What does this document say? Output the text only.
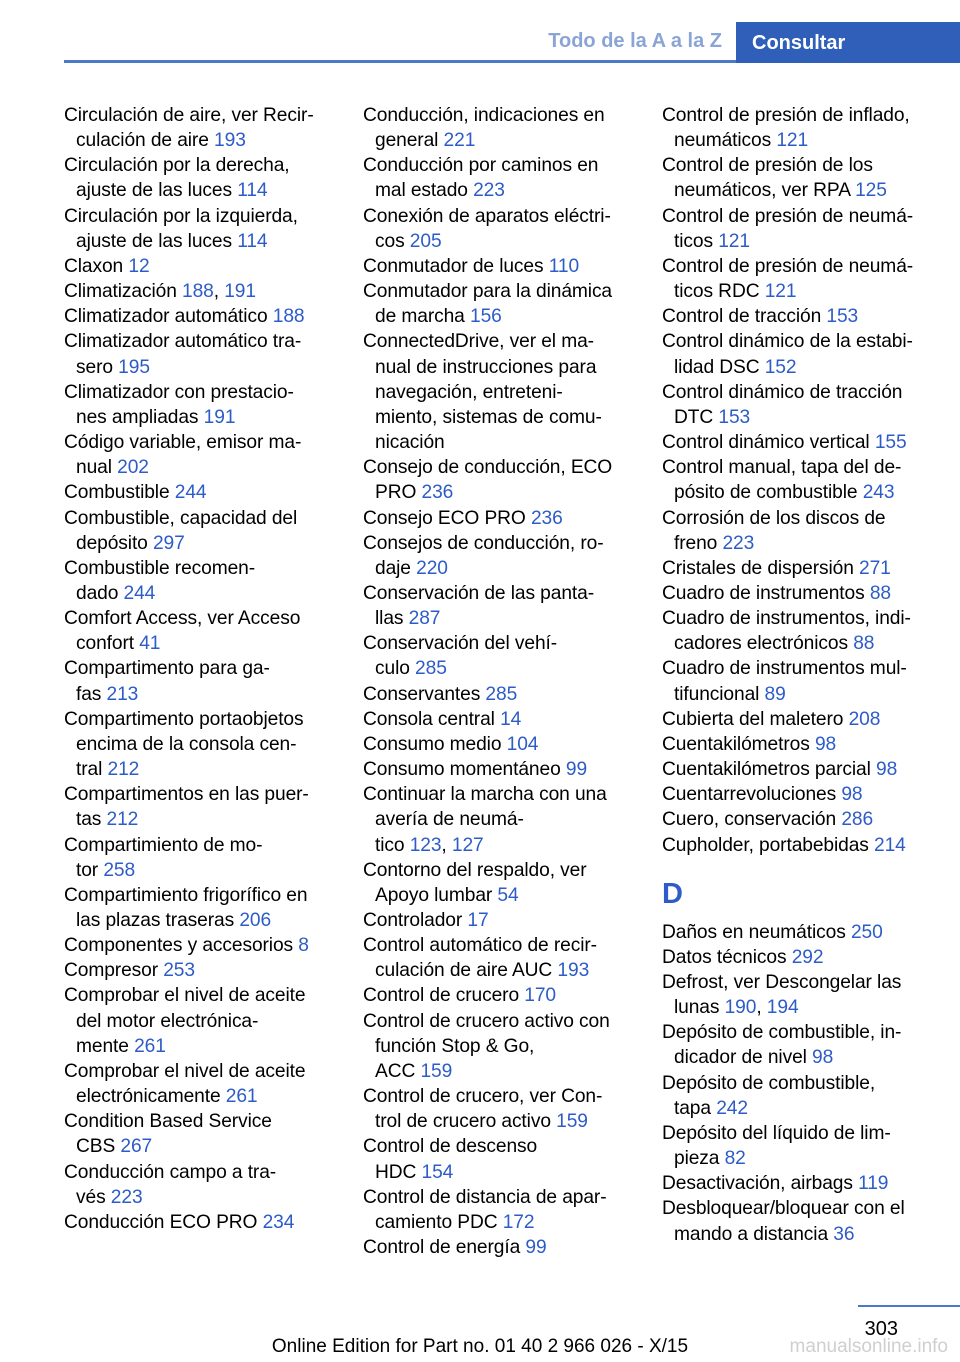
Todo de la A a la Z	Consultar
Circulación de aire, ver Recir-
culación de aire 193
Circulación por la derecha,
ajuste de las luces 114
Circulación por la izquierda,
ajuste de las luces 114
Claxon 12
Climatización 188, 191
Climatizador automático 188
Climatizador automático tra-
sero 195
Climatizador con prestacio-
nes ampliadas 191
Código variable, emisor ma-
nual 202
Combustible 244
Combustible, capacidad del
depósito 297
Combustible recomen-
dado 244
Comfort Access, ver Acceso
confort 41
Compartimento para ga-
fas 213
Compartimento portaobjetos
encima de la consola cen-
tral 212
Compartimentos en las puer-
tas 212
Compartimiento de mo-
tor 258
Compartimiento frigorífico en
las plazas traseras 206
Componentes y accesorios 8
Compresor 253
Comprobar el nivel de aceite
del motor electrónica-
mente 261
Comprobar el nivel de aceite
electrónicamente 261
Condition Based Service
CBS 267
Conducción campo a tra-
vés 223
Conducción ECO PRO 234
Conducción, indicaciones en
general 221
Conducción por caminos en
mal estado 223
Conexión de aparatos eléctri-
cos 205
Conmutador de luces 110
Conmutador para la dinámica
de marcha 156
ConnectedDrive, ver el ma-
nual de instrucciones para
navegación, entreteni-
miento, sistemas de comu-
nicación
Consejo de conducción, ECO
PRO 236
Consejo ECO PRO 236
Consejos de conducción, ro-
daje 220
Conservación de las panta-
llas 287
Conservación del vehí-
culo 285
Conservantes 285
Consola central 14
Consumo medio 104
Consumo momentáneo 99
Continuar la marcha con una
avería de neumá-
tico 123, 127
Contorno del respaldo, ver
Apoyo lumbar 54
Controlador 17
Control automático de recir-
culación de aire AUC 193
Control de crucero 170
Control de crucero activo con
función Stop & Go,
ACC 159
Control de crucero, ver Con-
trol de crucero activo 159
Control de descenso
HDC 154
Control de distancia de apar-
camiento PDC 172
Control de energía 99
Control de presión de inflado,
neumáticos 121
Control de presión de los
neumáticos, ver RPA 125
Control de presión de neumá-
ticos 121
Control de presión de neumá-
ticos RDC 121
Control de tracción 153
Control dinámico de la estabi-
lidad DSC 152
Control dinámico de tracción
DTC 153
Control dinámico vertical 155
Control manual, tapa del de-
pósito de combustible 243
Corrosión de los discos de
freno 223
Cristales de dispersión 271
Cuadro de instrumentos 88
Cuadro de instrumentos, indi-
cadores electrónicos 88
Cuadro de instrumentos mul-
tifuncional 89
Cubierta del maletero 208
Cuentakilómetros 98
Cuentakilómetros parcial 98
Cuentarrevoluciones 98
Cuero, conservación 286
Cupholder, portabebidas 214
D
Daños en neumáticos 250
Datos técnicos 292
Defrost, ver Descongelar las
lunas 190, 194
Depósito de combustible, in-
dicador de nivel 98
Depósito de combustible,
tapa 242
Depósito del líquido de lim-
pieza 82
Desactivación, airbags 119
Desbloquear/bloquear con el
mando a distancia 36
303
Online Edition for Part no. 01 40 2 966 026 - X/15	manualsonline.info
